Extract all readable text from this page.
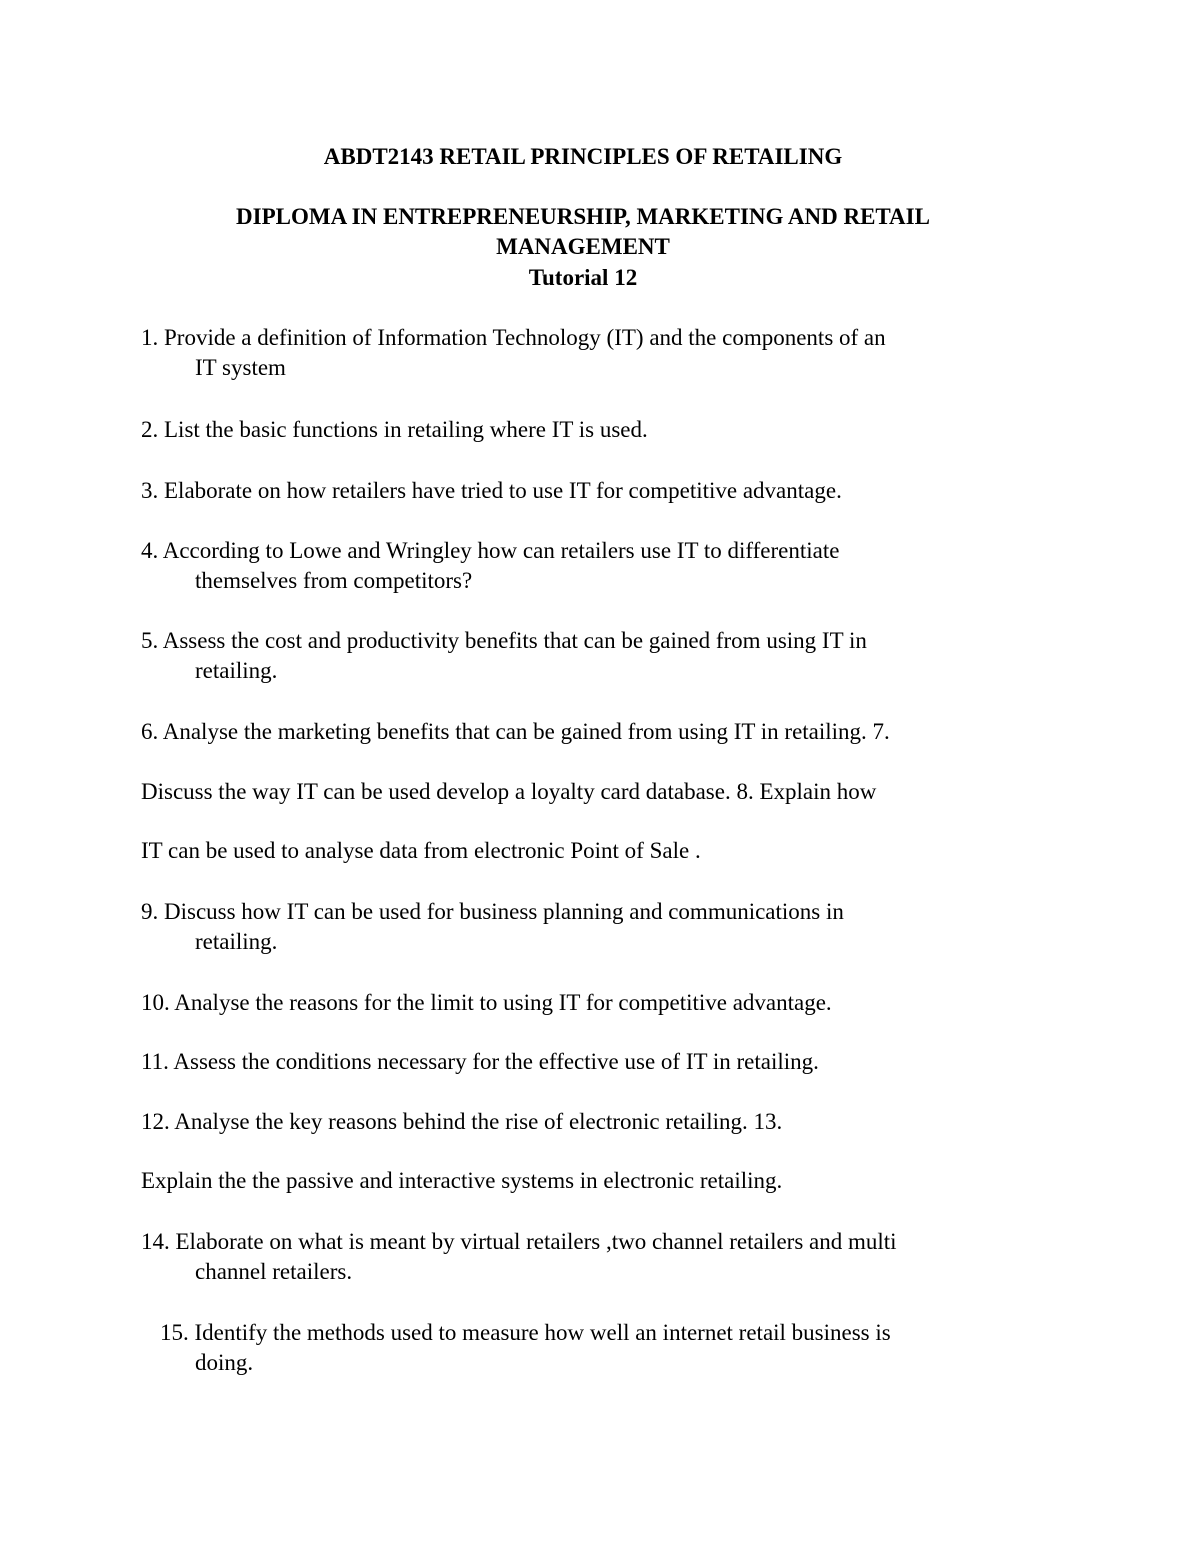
ABDT2143 RETAIL PRINCIPLES OF RETAILING
DIPLOMA IN ENTREPRENEURSHIP, MARKETING AND RETAIL
MANAGEMENT
Tutorial 12
1. Provide a definition of Information Technology (IT) and the components of an
IT system
2. List the basic functions in retailing where IT is used.
3. Elaborate on how retailers have tried to use IT for competitive advantage.
4. According to Lowe and Wringley how can retailers use IT to differentiate
themselves from competitors?
5. Assess the cost and productivity benefits that can be gained from using IT in
retailing.
6. Analyse the marketing benefits that can be gained from using IT in retailing. 7.
Discuss the way IT can be used develop a loyalty card database. 8. Explain how
IT can be used to analyse data from electronic Point of Sale .
9. Discuss how IT can be used for business planning and communications in
retailing.
10. Analyse the reasons for the limit to using IT for competitive advantage.
11. Assess the conditions necessary for the effective use of IT in retailing.
12. Analyse the key reasons behind the rise of electronic retailing. 13.
Explain the the passive and interactive systems in electronic retailing.
14. Elaborate on what is meant by virtual retailers ,two channel retailers and multi
channel retailers.
15. Identify the methods used to measure how well an internet retail business is
doing.
